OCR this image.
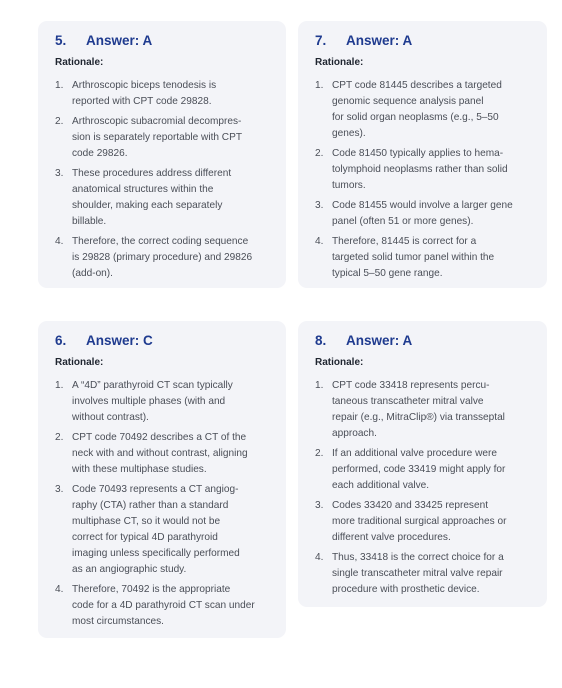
5.	Answer: A
Rationale:
1. Arthroscopic biceps tenodesis is
reported with CPT code 29828.
2. Arthroscopic subacromial decompres-
sion is separately reportable with CPT
code 29826.
3. These procedures address different
anatomical structures within the
shoulder, making each separately
billable.
4. Therefore, the correct coding sequence
is 29828 (primary procedure) and 29826
(add-on).
7.	Answer: A
Rationale:
1. CPT code 81445 describes a targeted
genomic sequence analysis panel
for solid organ neoplasms (e.g., 5–50
genes).
2. Code 81450 typically applies to hema-
tolymphoid neoplasms rather than solid
tumors.
3. Code 81455 would involve a larger gene
panel (often 51 or more genes).
4. Therefore, 81445 is correct for a
targeted solid tumor panel within the
typical 5–50 gene range.
6.	Answer: C
Rationale:
1. A “4D” parathyroid CT scan typically
involves multiple phases (with and
without contrast).
2. CPT code 70492 describes a CT of the
neck with and without contrast, aligning
with these multiphase studies.
3. Code 70493 represents a CT angiog-
raphy (CTA) rather than a standard
multiphase CT, so it would not be
correct for typical 4D parathyroid
imaging unless specifically performed
as an angiographic study.
4. Therefore, 70492 is the appropriate
code for a 4D parathyroid CT scan under
most circumstances.
8.	Answer: A
Rationale:
1. CPT code 33418 represents percu-
taneous transcatheter mitral valve
repair (e.g., MitraClip®) via transseptal
approach.
2. If an additional valve procedure were
performed, code 33419 might apply for
each additional valve.
3. Codes 33420 and 33425 represent
more traditional surgical approaches or
different valve procedures.
4. Thus, 33418 is the correct choice for a
single transcatheter mitral valve repair
procedure with prosthetic device.
